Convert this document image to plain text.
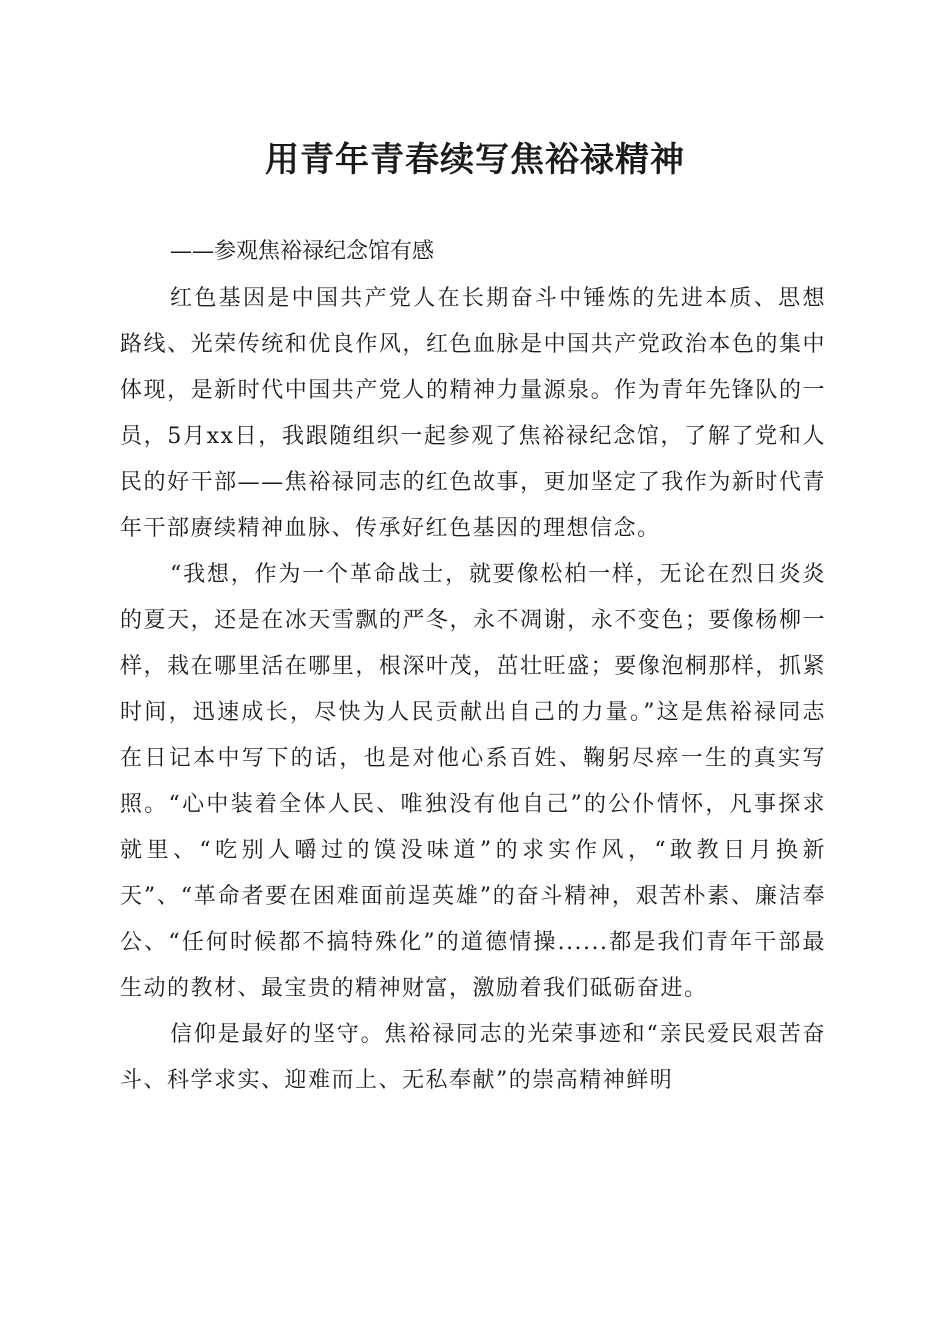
用青年青春续写焦裕禄精神

——参观焦裕禄纪念馆有感

红色基因是中国共产党人在长期奋斗中锤炼的先进本质、思想路线、光荣传统和优良作风，红色血脉是中国共产党政治本色的集中体现，是新时代中国共产党人的精神力量源泉。作为青年先锋队的一员，5月xx日，我跟随组织一起参观了焦裕禄纪念馆，了解了党和人民的好干部——焦裕禄同志的红色故事，更加坚定了我作为新时代青年干部赓续精神血脉、传承好红色基因的理想信念。

“我想，作为一个革命战士，就要像松柏一样，无论在烈日炎炎的夏天，还是在冰天雪飘的严冬，永不凋谢，永不变色；要像杨柳一样，栽在哪里活在哪里，根深叶茂，茁壮旺盛；要像泡桐那样，抓紧时间，迅速成长，尽快为人民贡献出自己的力量。”这是焦裕禄同志在日记本中写下的话，也是对他心系百姓、鞠躬尽瘁一生的真实写照。“心中装着全体人民、唯独没有他自己”的公仆情怀，凡事探求就里、“吃别人嚼过的馍没味道”的求实作风，“敢教日月换新天”、“革命者要在困难面前逞英雄”的奋斗精神，艰苦朴素、廉洁奉公、“任何时候都不搞特殊化”的道德情操......都是我们青年干部最生动的教材、最宝贵的精神财富，激励着我们砥砺奋进。

信仰是最好的坚守。焦裕禄同志的光荣事迹和“亲民爱民艰苦奋斗、科学求实、迎难而上、无私奉献”的崇高精神鲜明
